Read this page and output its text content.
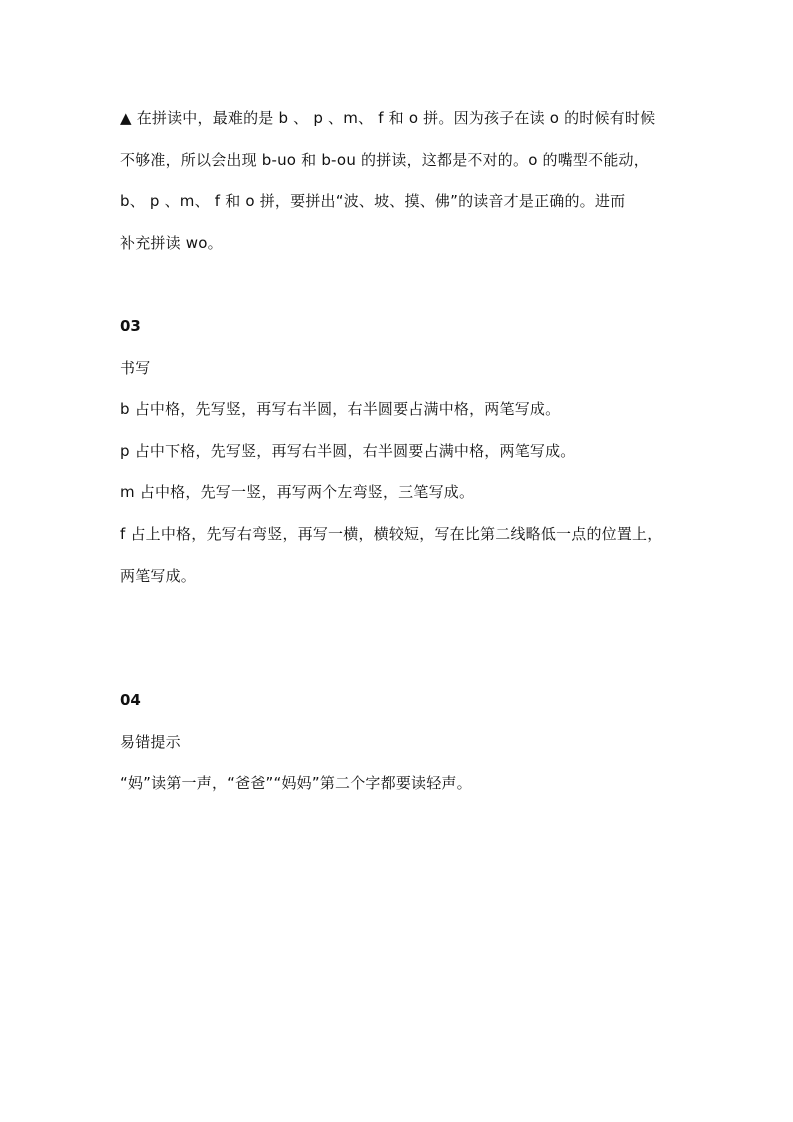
▲ 在拼读中，最难的是 b 、 p 、m、 f 和 o 拼。因为孩子在读 o 的时候有时候
不够准，所以会出现 b-uo 和 b-ou 的拼读，这都是不对的。o 的嘴型不能动，
b、 p 、m、 f 和 o 拼，要拼出“波、坡、摸、佛”的读音才是正确的。进而
补充拼读 wo。
03
书写
b 占中格，先写竖，再写右半圆，右半圆要占满中格，两笔写成。
p 占中下格，先写竖，再写右半圆，右半圆要占满中格，两笔写成。
m 占中格，先写一竖，再写两个左弯竖，三笔写成。
f 占上中格，先写右弯竖，再写一横，横较短，写在比第二线略低一点的位置上，
两笔写成。
04
易错提示
“妈”读第一声，“爸爸”“妈妈”第二个字都要读轻声。
